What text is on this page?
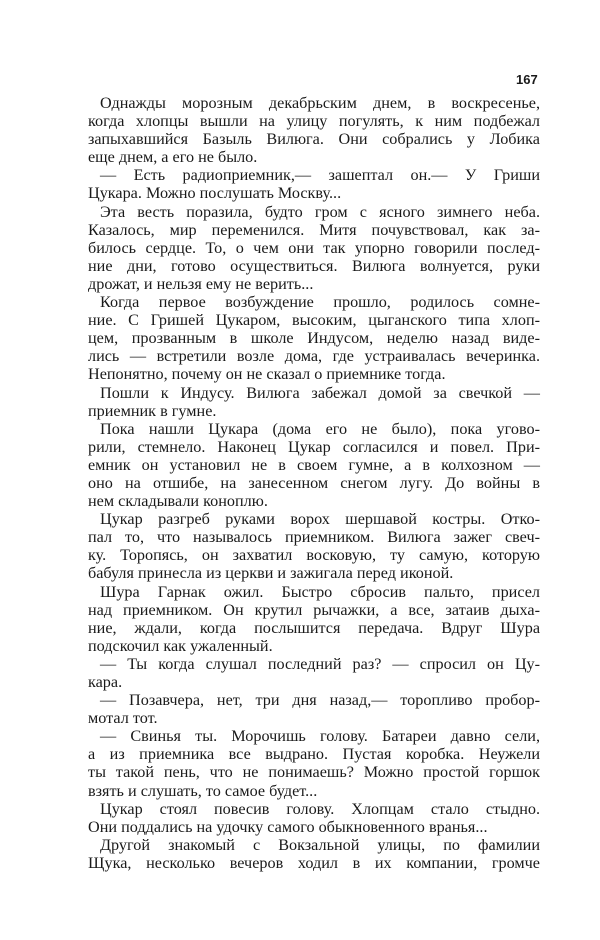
167
Однажды морозным декабрьским днем, в воскресенье,
когда хлопцы вышли на улицу погулять, к ним подбежал
запыхавшийся Базыль Вилюга. Они собрались у Лобика
еще днем, а его не было.
— Есть радиоприемник,— зашептал он.— У Гриши
Цукара. Можно послушать Москву...
Эта весть поразила, будто гром с ясного зимнего неба.
Казалось, мир переменился. Митя почувствовал, как за-
билось сердце. То, о чем они так упорно говорили послед-
ние дни, готово осуществиться. Вилюга волнуется, руки
дрожат, и нельзя ему не верить...
Когда первое возбуждение прошло, родилось сомне-
ние. С Гришей Цукаром, высоким, цыганского типа хлоп-
цем, прозванным в школе Индусом, неделю назад виде-
лись — встретили возле дома, где устраивалась вечеринка.
Непонятно, почему он не сказал о приемнике тогда.
Пошли к Индусу. Вилюга забежал домой за свечкой —
приемник в гумне.
Пока нашли Цукара (дома его не было), пока угово-
рили, стемнело. Наконец Цукар согласился и повел. При-
емник он установил не в своем гумне, а в колхозном —
оно на отшибе, на занесенном снегом лугу. До войны в
нем складывали коноплю.
Цукар разгреб руками ворох шершавой костры. Отко-
пал то, что называлось приемником. Вилюга зажег свеч-
ку. Торопясь, он захватил восковую, ту самую, которую
бабуля принесла из церкви и зажигала перед иконой.
Шура Гарнак ожил. Быстро сбросив пальто, присел
над приемником. Он крутил рычажки, а все, затаив дыха-
ние, ждали, когда послышится передача. Вдруг Шура
подскочил как ужаленный.
— Ты когда слушал последний раз? — спросил он Цу-
кара.
— Позавчера, нет, три дня назад,— торопливо пробор-
мотал тот.
— Свинья ты. Морочишь голову. Батареи давно сели,
а из приемника все выдрано. Пустая коробка. Неужели
ты такой пень, что не понимаешь? Можно простой горшок
взять и слушать, то самое будет...
Цукар стоял повесив голову. Хлопцам стало стыдно.
Они поддались на удочку самого обыкновенного вранья...
Другой знакомый с Вокзальной улицы, по фамилии
Щука, несколько вечеров ходил в их компании, громче
